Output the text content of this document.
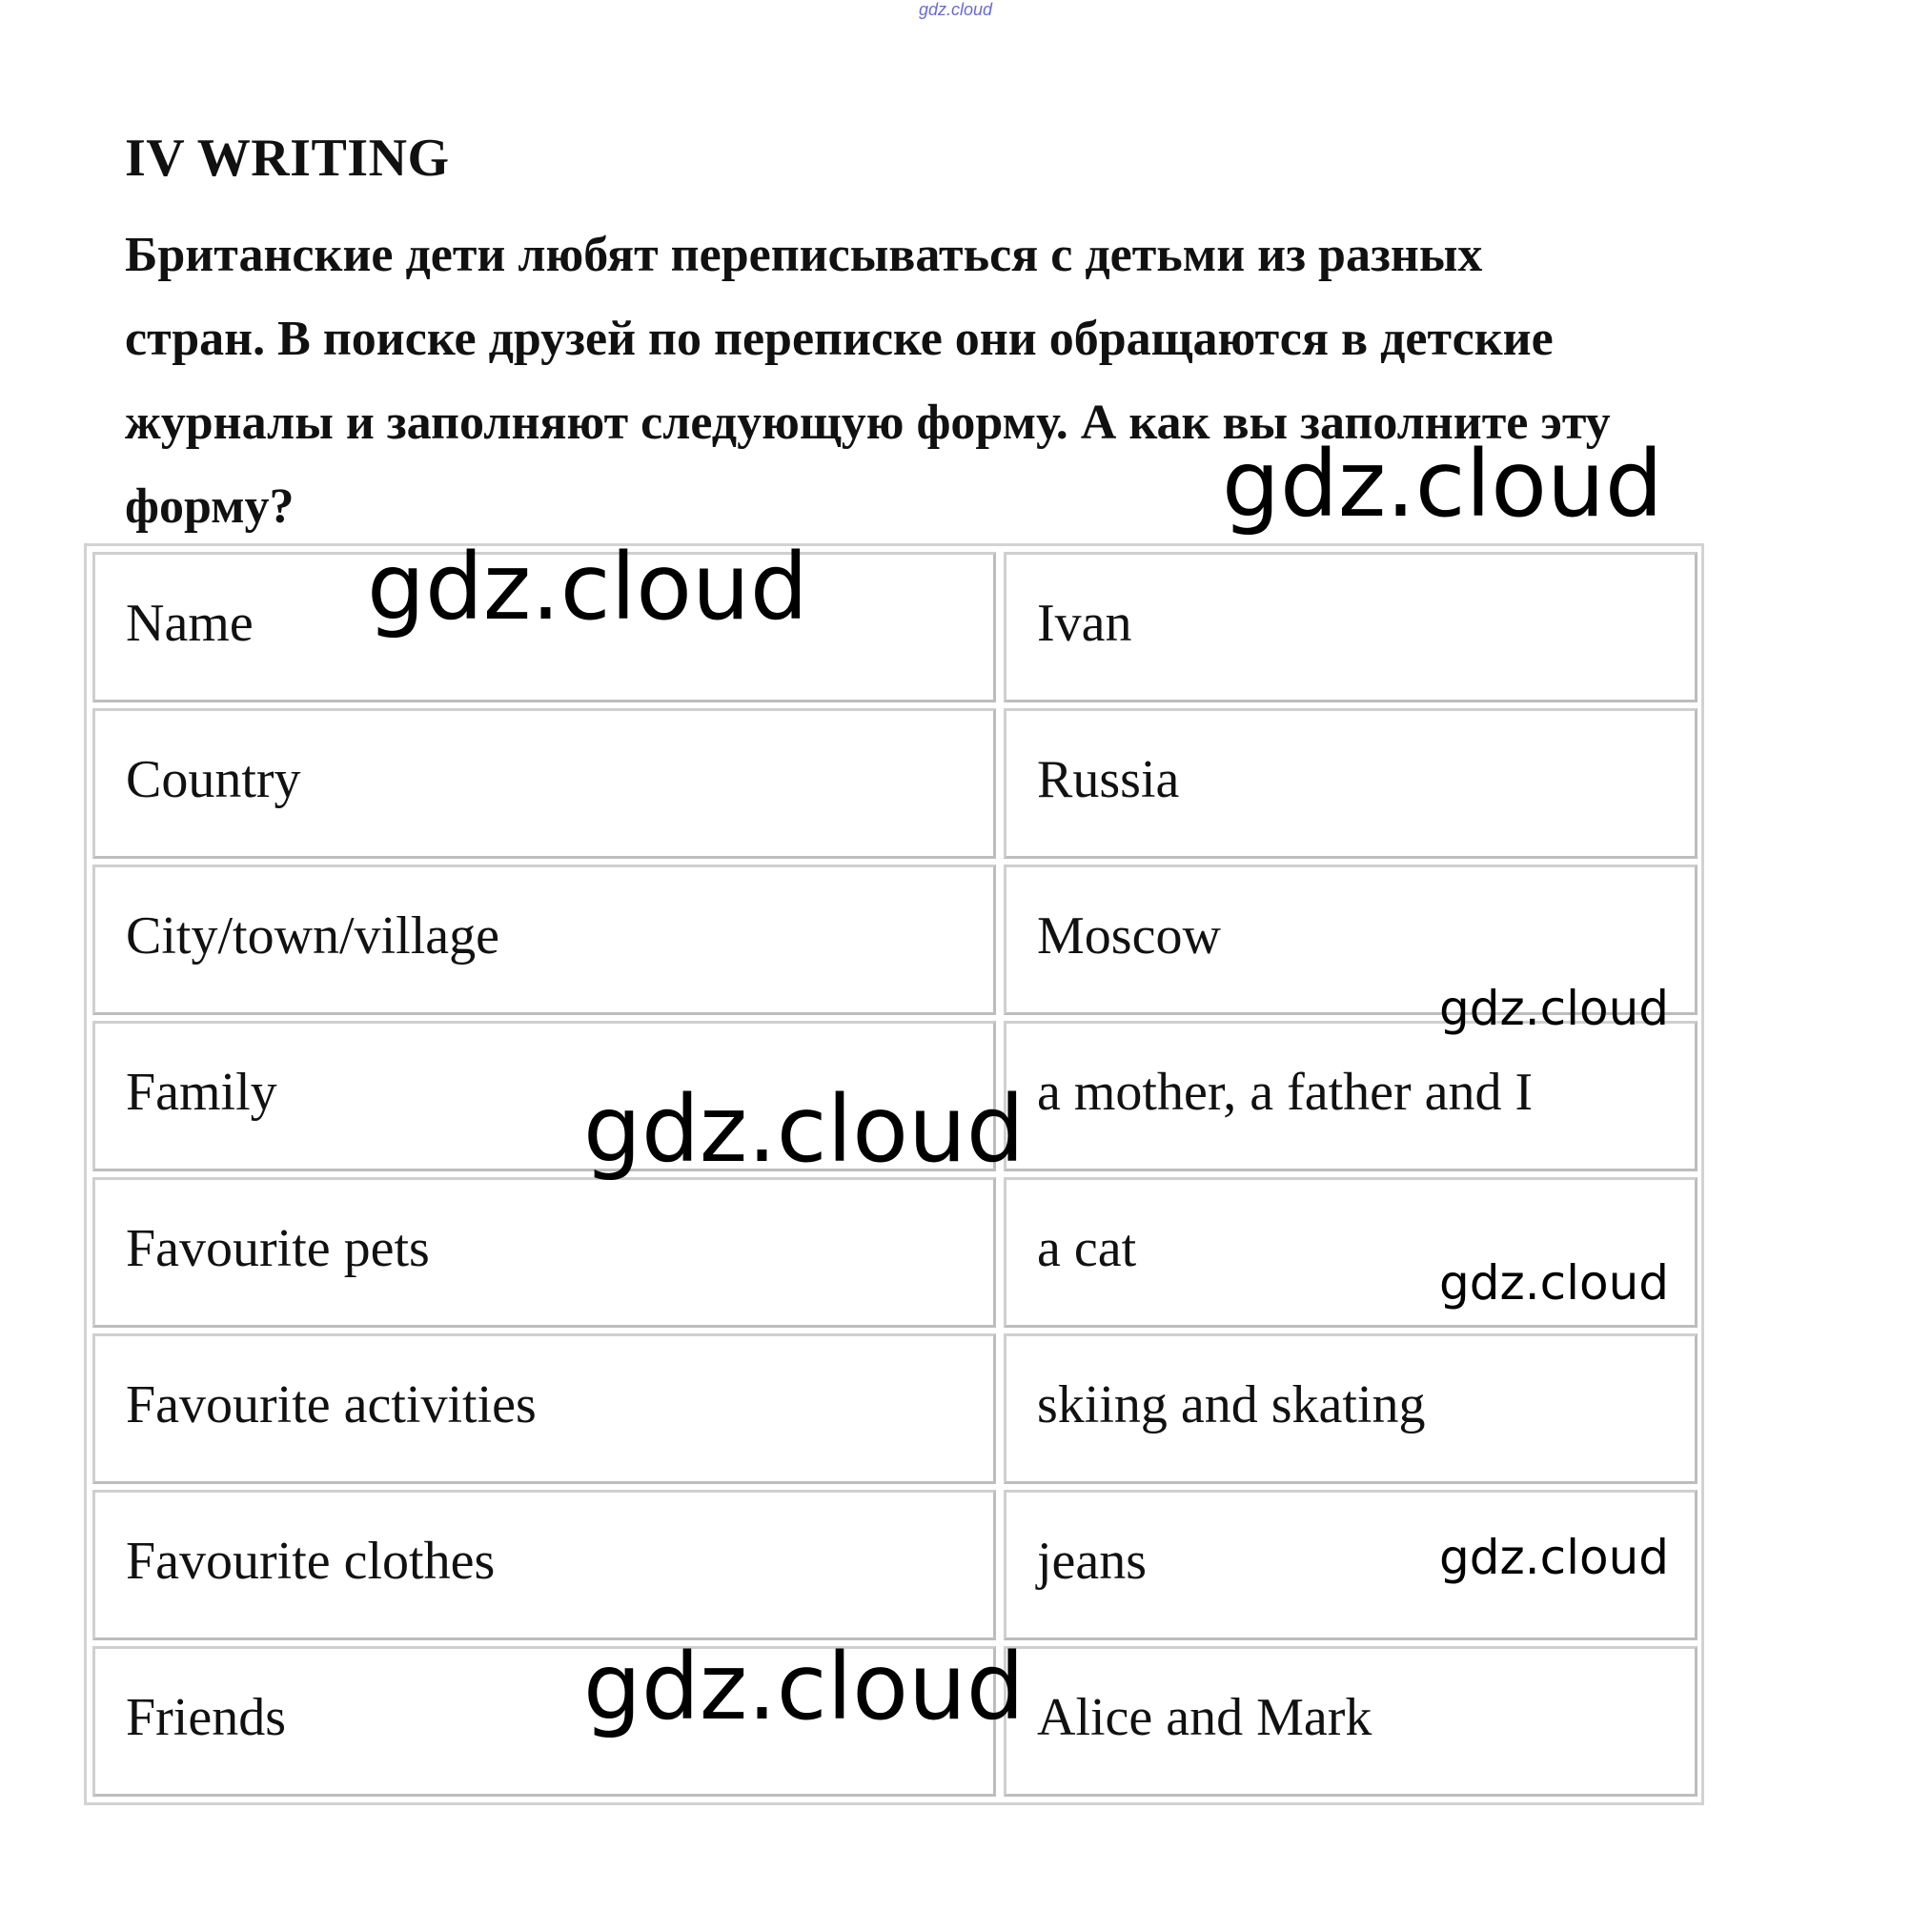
gdz.cloud
IV WRITING
Британские дети любят переписываться с детьми из разных
стран. В поиске друзей по переписке они обращаются в детские
журналы и заполняют следующую форму. А как вы заполните эту
форму?
Name	Ivan
Country	Russia
City/town/village	Moscow
Family	a mother, a father and I
Favourite pets	a cat
Favourite activities	skiing and skating
Favourite clothes	jeans
Friends	Alice and Mark
gdz.cloud
gdz.cloud
gdz.cloud
gdz.cloud
gdz.cloud
gdz.cloud
gdz.cloud
